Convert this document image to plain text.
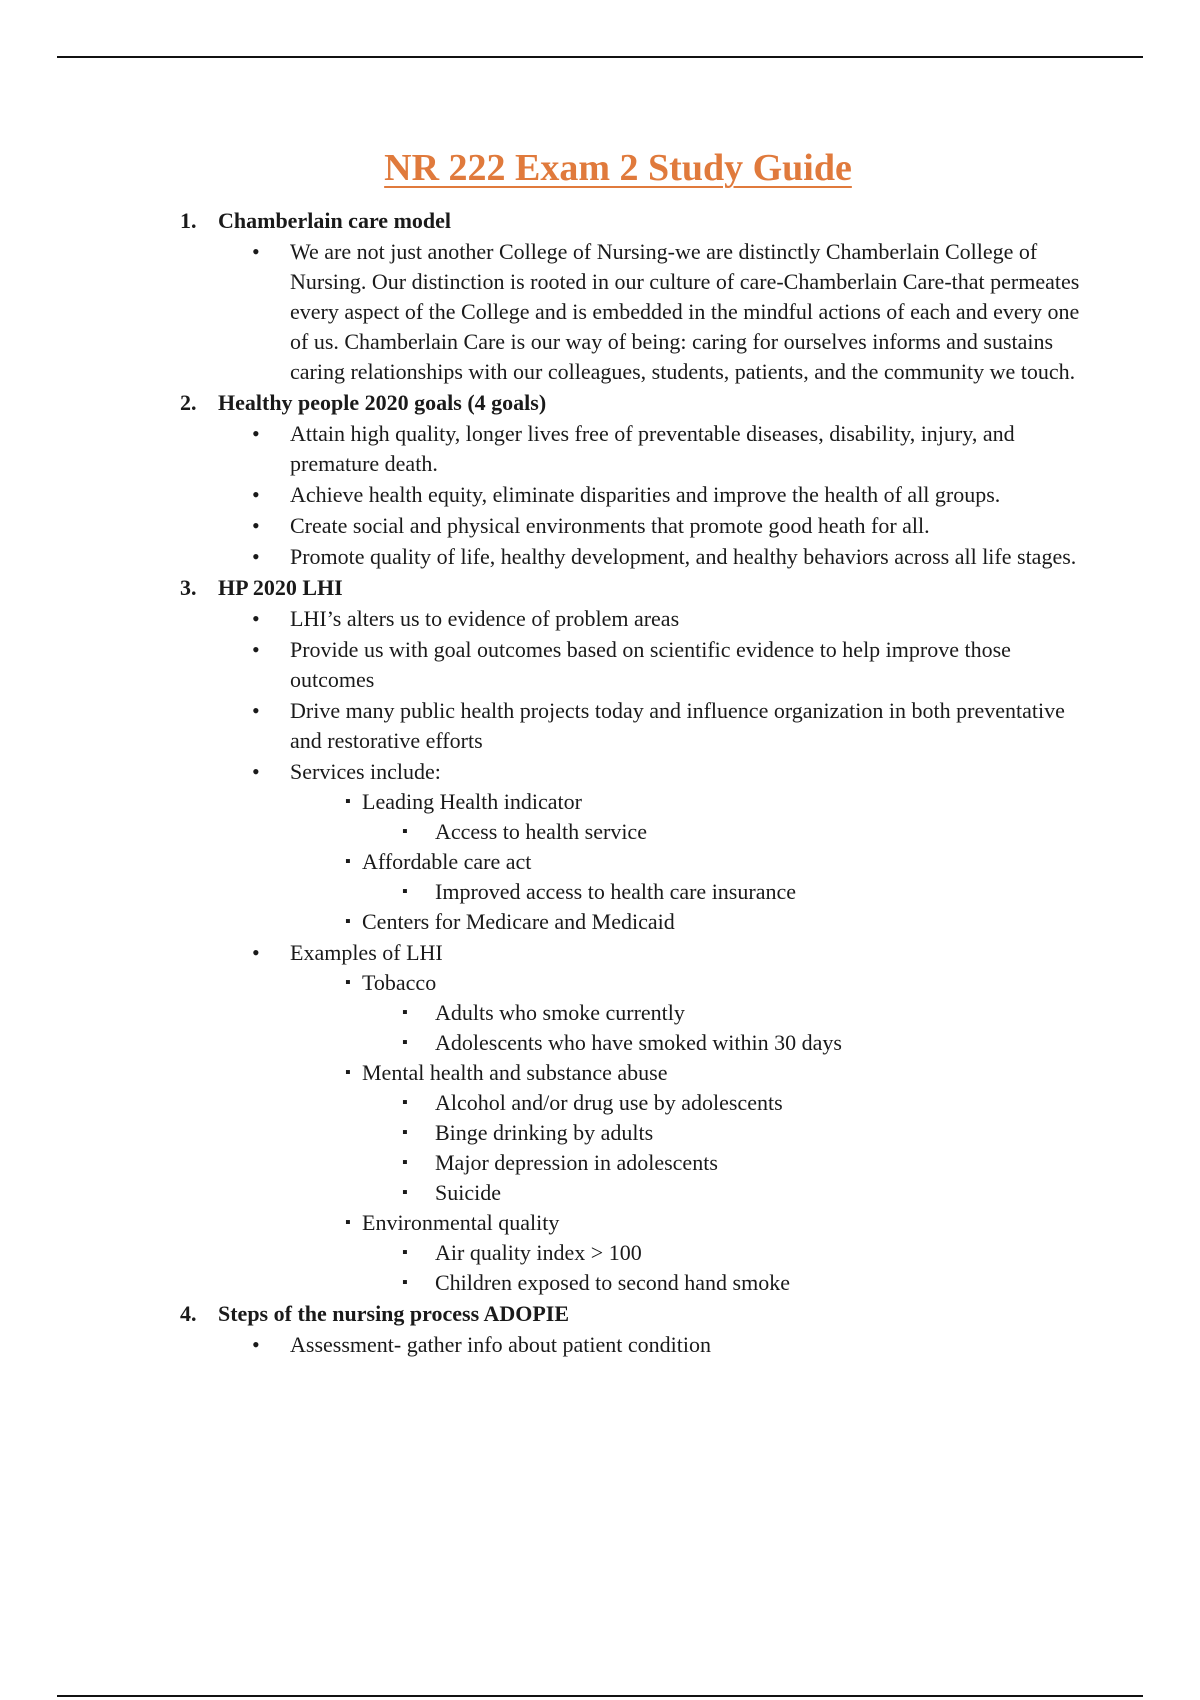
NR 222 Exam 2 Study Guide
1. Chamberlain care model
• We are not just another College of Nursing-we are distinctly Chamberlain College of Nursing. Our distinction is rooted in our culture of care-Chamberlain Care-that permeates every aspect of the College and is embedded in the mindful actions of each and every one of us. Chamberlain Care is our way of being: caring for ourselves informs and sustains caring relationships with our colleagues, students, patients, and the community we touch.
2. Healthy people 2020 goals (4 goals)
• Attain high quality, longer lives free of preventable diseases, disability, injury, and premature death.
• Achieve health equity, eliminate disparities and improve the health of all groups.
• Create social and physical environments that promote good heath for all.
• Promote quality of life, healthy development, and healthy behaviors across all life stages.
3. HP 2020 LHI
• LHI’s alters us to evidence of problem areas
• Provide us with goal outcomes based on scientific evidence to help improve those outcomes
• Drive many public health projects today and influence organization in both preventative and restorative efforts
• Services include:
▪ Leading Health indicator
▪ Access to health service
▪ Affordable care act
▪ Improved access to health care insurance
▪ Centers for Medicare and Medicaid
• Examples of LHI
▪ Tobacco
▪ Adults who smoke currently
▪ Adolescents who have smoked within 30 days
▪ Mental health and substance abuse
▪ Alcohol and/or drug use by adolescents
▪ Binge drinking by adults
▪ Major depression in adolescents
▪ Suicide
▪ Environmental quality
▪ Air quality index > 100
▪ Children exposed to second hand smoke
4. Steps of the nursing process ADOPIE
• Assessment- gather info about patient condition
